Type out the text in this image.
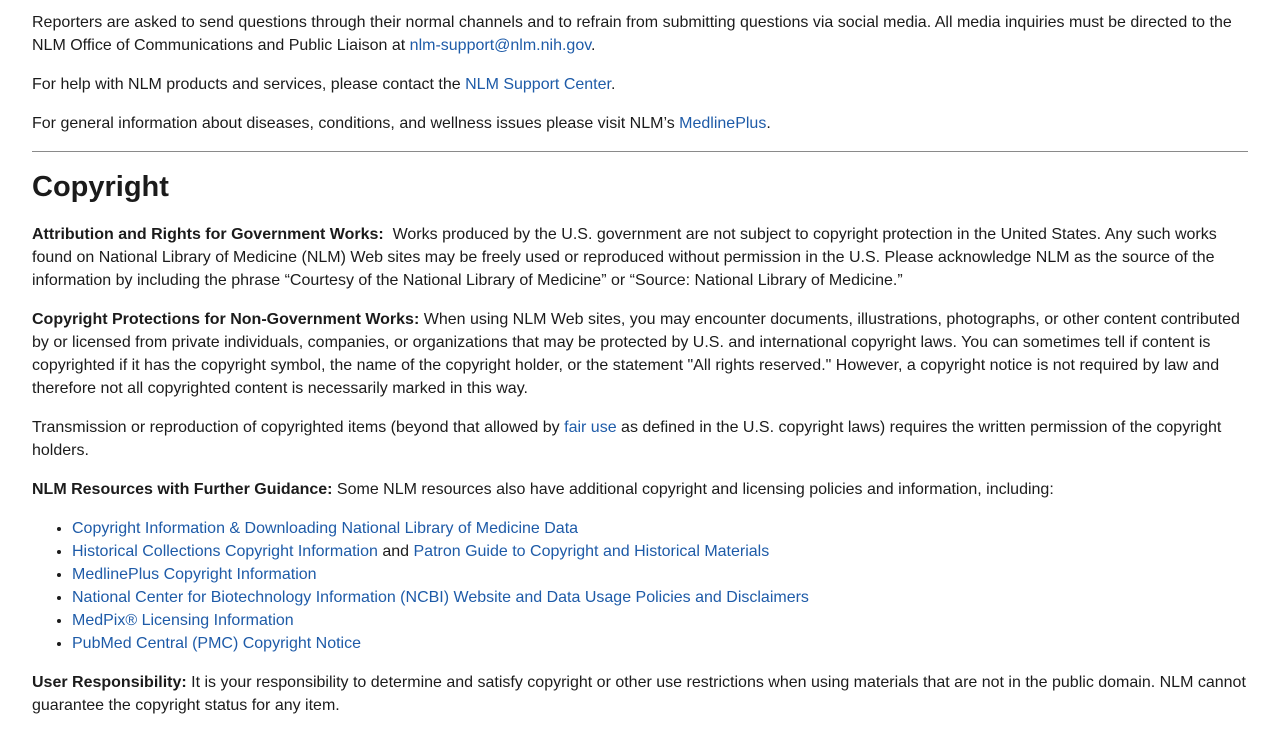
Reporters are asked to send questions through their normal channels and to refrain from submitting questions via social media. All media inquiries must be directed to the NLM Office of Communications and Public Liaison at nlm-support@nlm.nih.gov.

For help with NLM products and services, please contact the NLM Support Center.

For general information about diseases, conditions, and wellness issues please visit NLM’s MedlinePlus.

Copyright

Attribution and Rights for Government Works:  Works produced by the U.S. government are not subject to copyright protection in the United States. Any such works found on National Library of Medicine (NLM) Web sites may be freely used or reproduced without permission in the U.S. Please acknowledge NLM as the source of the information by including the phrase “Courtesy of the National Library of Medicine” or “Source: National Library of Medicine.”

Copyright Protections for Non-Government Works: When using NLM Web sites, you may encounter documents, illustrations, photographs, or other content contributed by or licensed from private individuals, companies, or organizations that may be protected by U.S. and international copyright laws. You can sometimes tell if content is copyrighted if it has the copyright symbol, the name of the copyright holder, or the statement "All rights reserved." However, a copyright notice is not required by law and therefore not all copyrighted content is necessarily marked in this way.

Transmission or reproduction of copyrighted items (beyond that allowed by fair use as defined in the U.S. copyright laws) requires the written permission of the copyright holders.

NLM Resources with Further Guidance: Some NLM resources also have additional copyright and licensing policies and information, including:

• Copyright Information & Downloading National Library of Medicine Data
• Historical Collections Copyright Information and Patron Guide to Copyright and Historical Materials
• MedlinePlus Copyright Information
• National Center for Biotechnology Information (NCBI) Website and Data Usage Policies and Disclaimers
• MedPix® Licensing Information
• PubMed Central (PMC) Copyright Notice

User Responsibility: It is your responsibility to determine and satisfy copyright or other use restrictions when using materials that are not in the public domain. NLM cannot guarantee the copyright status for any item.
